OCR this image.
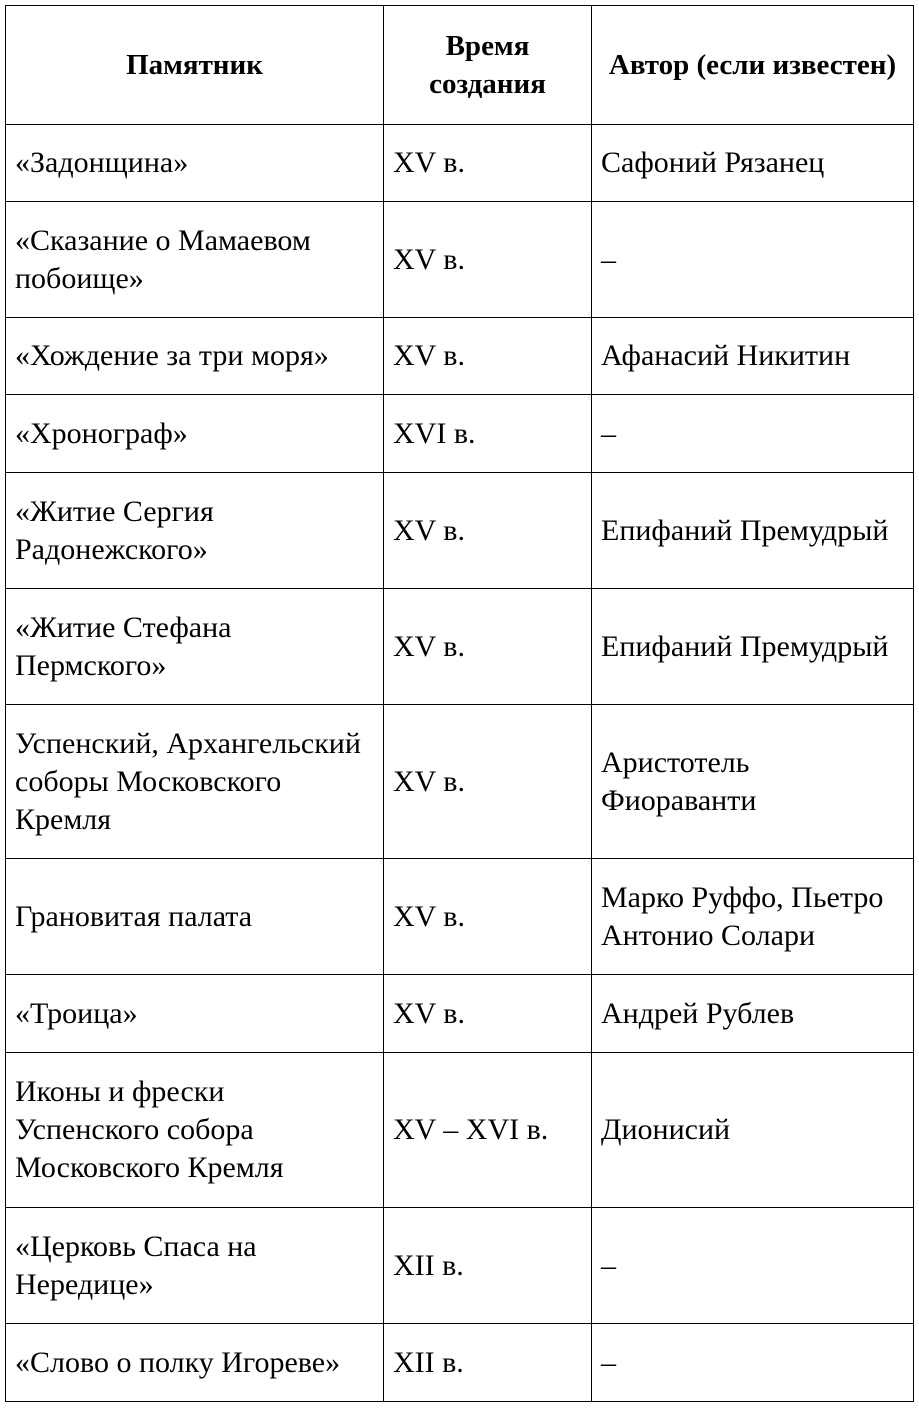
Памятник	Время создания	Автор (если известен)
«Задонщина»	XV в.	Сафоний Рязанец
«Сказание о Мамаевом побоище»	XV в.	–
«Хождение за три моря»	XV в.	Афанасий Никитин
«Хронограф»	XVI в.	–
«Житие Сергия Радонежского»	XV в.	Епифаний Премудрый
«Житие Стефана Пермского»	XV в.	Епифаний Премудрый
Успенский, Архангельский соборы Московского Кремля	XV в.	Аристотель Фиораванти
Грановитая палата	XV в.	Марко Руффо, Пьетро Антонио Солари
«Троица»	XV в.	Андрей Рублев
Иконы и фрески Успенского собора Московского Кремля	XV – XVI в.	Дионисий
«Церковь Спаса на Нередице»	XII в.	–
«Слово о полку Игореве»	XII в.	–
